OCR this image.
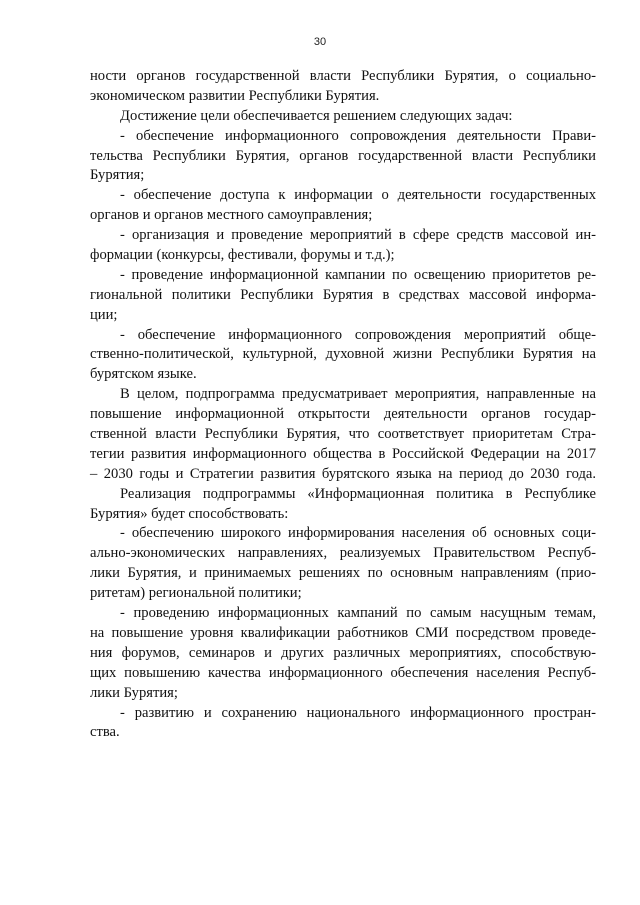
30
ности органов государственной власти Республики Бурятия, о социально-
экономическом развитии Республики Бурятия.
Достижение цели обеспечивается решением следующих задач:
- обеспечение информационного сопровождения деятельности Прави-
тельства Республики Бурятия, органов государственной власти Республики
Бурятия;
- обеспечение доступа к информации о деятельности государственных
органов и органов местного самоуправления;
- организация и проведение мероприятий в сфере средств массовой ин-
формации (конкурсы, фестивали, форумы и т.д.);
- проведение информационной кампании по освещению приоритетов ре-
гиональной политики Республики Бурятия в средствах массовой информа-
ции;
- обеспечение информационного сопровождения мероприятий обще-
ственно-политической, культурной, духовной жизни Республики Бурятия на
бурятском языке.
В целом, подпрограмма предусматривает мероприятия, направленные на
повышение информационной открытости деятельности органов государ-
ственной власти Республики Бурятия, что соответствует приоритетам Стра-
тегии развития информационного общества в Российской Федерации на 2017
– 2030 годы и Стратегии развития бурятского языка на период до 2030 года.
Реализация подпрограммы «Информационная политика в Республике
Бурятия» будет способствовать:
- обеспечению широкого информирования населения об основных соци-
ально-экономических направлениях, реализуемых Правительством Респуб-
лики Бурятия, и принимаемых решениях по основным направлениям (прио-
ритетам) региональной политики;
- проведению информационных кампаний по самым насущным темам,
на повышение уровня квалификации работников СМИ посредством проведе-
ния форумов, семинаров и других различных мероприятиях, способствую-
щих повышению качества информационного обеспечения населения Респуб-
лики Бурятия;
- развитию и сохранению национального информационного простран-
ства.
